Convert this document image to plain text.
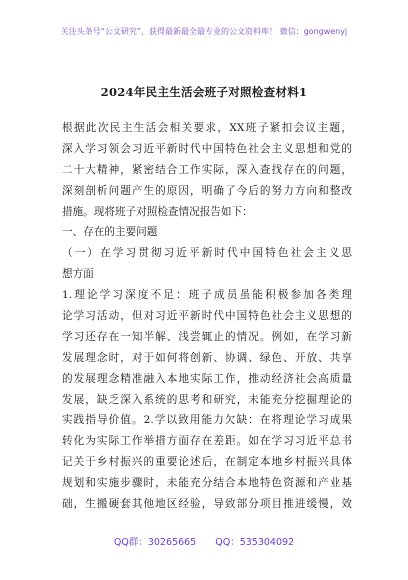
关注头条号“公文研究”，获得最新最全最专业的公文资料库！ 微信：gongwenyj
2024年民主生活会班子对照检查材料1
根据此次民主生活会相关要求，XX班子紧扣会议主题，
深入学习领会习近平新时代中国特色社会主义思想和党的
二十大精神，紧密结合工作实际，深入查找存在的问题，
深刻剖析问题产生的原因，明确了今后的努力方向和整改
措施。现将班子对照检查情况报告如下：
一、存在的主要问题
（一）在学习贯彻习近平新时代中国特色社会主义思
想方面
1.理论学习深度不足：班子成员虽能积极参加各类理
论学习活动，但对习近平新时代中国特色社会主义思想的
学习还存在一知半解、浅尝辄止的情况。例如，在学习新
发展理念时，对于如何将创新、协调、绿色、开放、共享
的发展理念精准融入本地实际工作，推动经济社会高质量
发展，缺乏深入系统的思考和研究，未能充分挖掘理论的
实践指导价值。2.学以致用能力欠缺：在将理论学习成果
转化为实际工作举措方面存在差距。如在学习习近平总书
记关于乡村振兴的重要论述后，在制定本地乡村振兴具体
规划和实施步骤时，未能充分结合本地特色资源和产业基
础，生搬硬套其他地区经验，导致部分项目推进缓慢，效
QQ群：30265665 QQ：535304092
